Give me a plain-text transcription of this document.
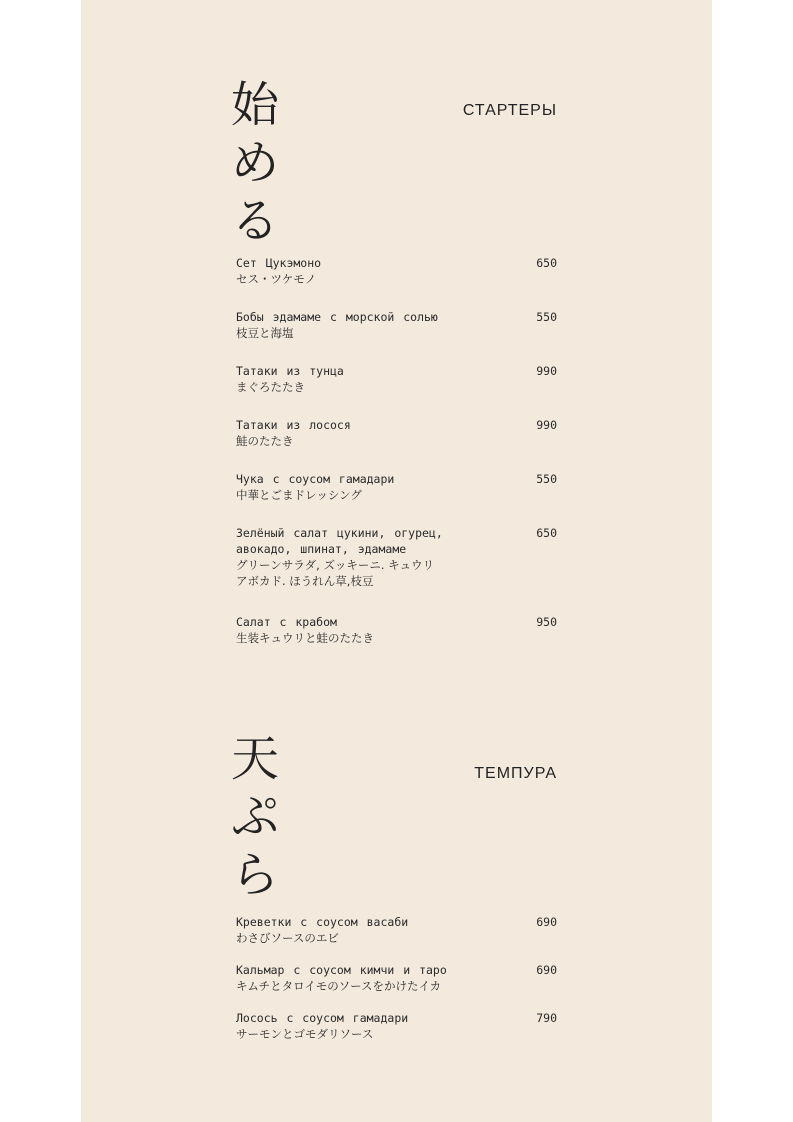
始
め
る
СТАРТЕРЫ
Сет Цукэмоно
セス・ツケモノ
650
Бобы эдамаме с морской солью
枝豆と海塩
550
Татаки из тунца
まぐろたたき
990
Татаки из лосося
鮭のたたき
990
Чука с соусом гамадари
中華とごまドレッシング
550
Зелёный салат цукини, огурец,
авокадо, шпинат, эдамаме
グリーンサラダ, ズッキーニ. キュウリ
アボカド. ほうれん草,枝豆
650
Салат с крабом
生装キュウリと蛙のたたき
950
天
ぷ
ら
ТЕМПУРА
Креветки с соусом васаби
わさびソースのエビ
690
Кальмар с соусом кимчи и таро
キムチとタロイモのソースをかけたイカ
690
Лосось с соусом гамадари
サーモンとゴモダリソース
790
